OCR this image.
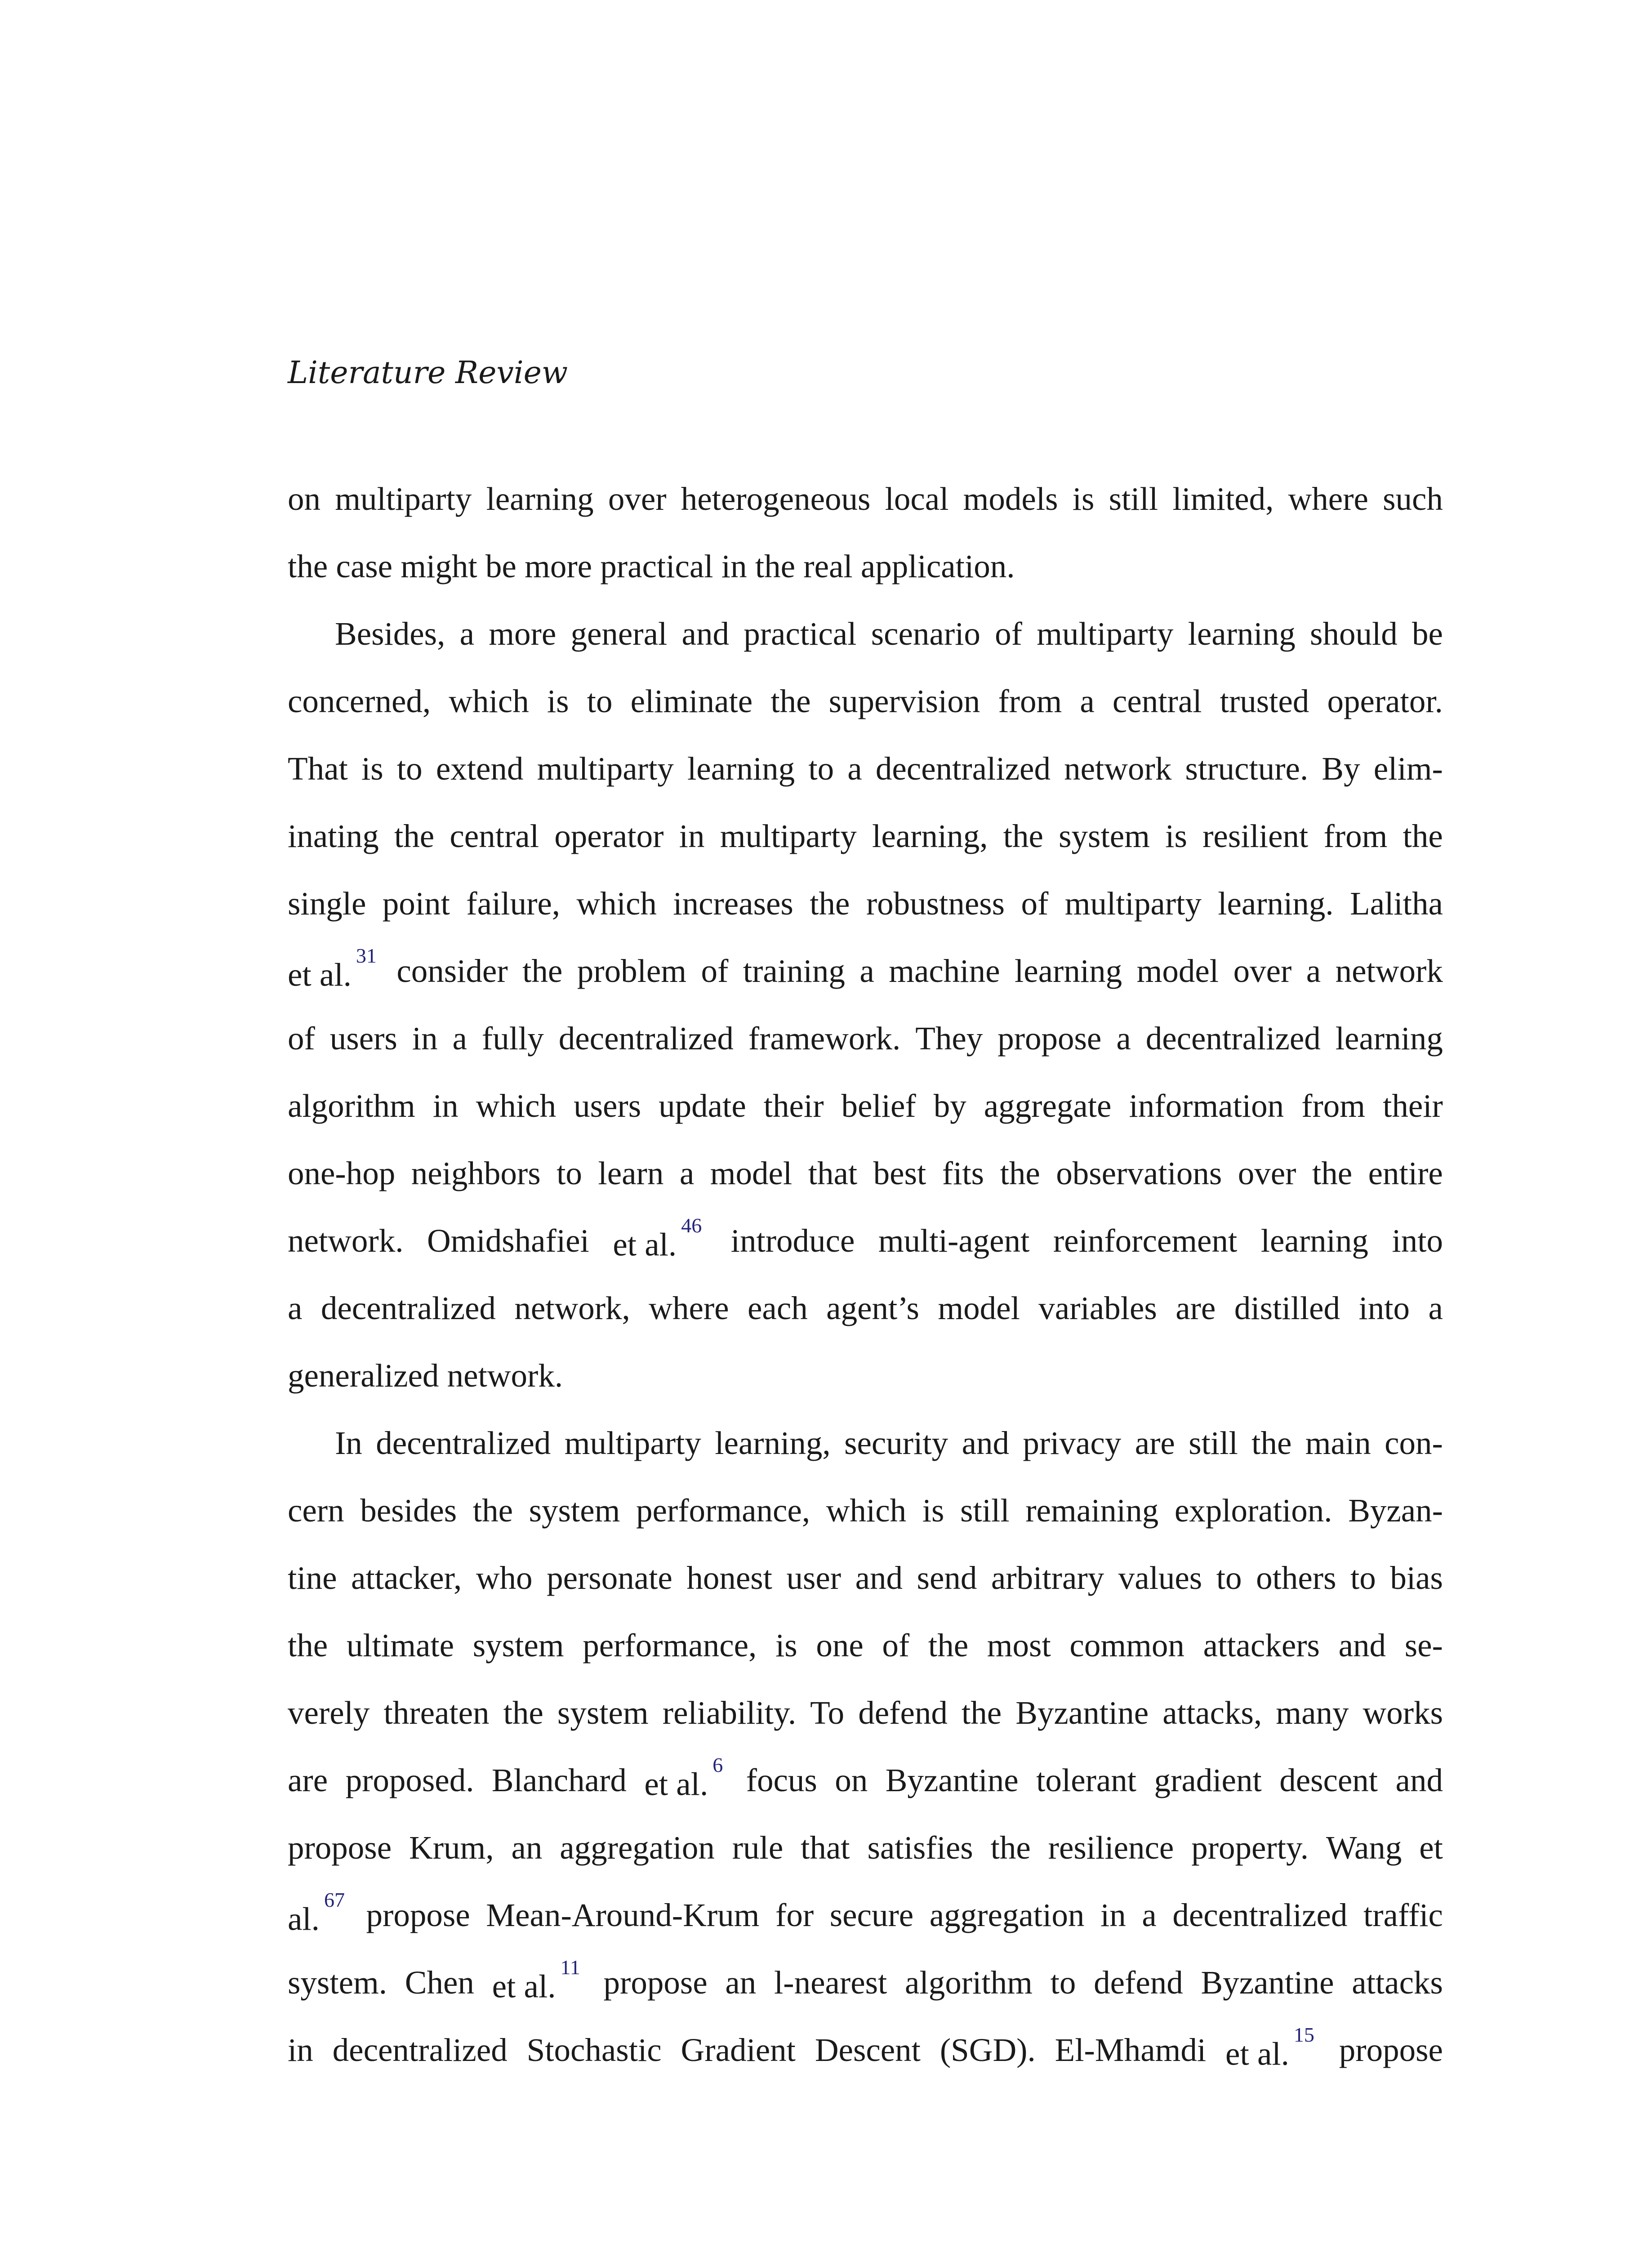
Literature Review
on multiparty learning over heterogeneous local models is still limited, where such
the case might be more practical in the real application.
Besides, a more general and practical scenario of multiparty learning should be
concerned, which is to eliminate the supervision from a central trusted operator.
That is to extend multiparty learning to a decentralized network structure. By elim-
inating the central operator in multiparty learning, the system is resilient from the
single point failure, which increases the robustness of multiparty learning. Lalitha
et al.$^{31}$ consider the problem of training a machine learning model over a network
of users in a fully decentralized framework. They propose a decentralized learning
algorithm in which users update their belief by aggregate information from their
one-hop neighbors to learn a model that best fits the observations over the entire
network. Omidshafiei et al.$^{46}$ introduce multi-agent reinforcement learning into
a decentralized network, where each agent’s model variables are distilled into a
generalized network.
In decentralized multiparty learning, security and privacy are still the main con-
cern besides the system performance, which is still remaining exploration. Byzan-
tine attacker, who personate honest user and send arbitrary values to others to bias
the ultimate system performance, is one of the most common attackers and se-
verely threaten the system reliability. To defend the Byzantine attacks, many works
are proposed. Blanchard et al.$^6$ focus on Byzantine tolerant gradient descent and
propose Krum, an aggregation rule that satisfies the resilience property. Wang et
al.$^{67}$ propose Mean-Around-Krum for secure aggregation in a decentralized traffic
system. Chen et al.$^{11}$ propose an l-nearest algorithm to defend Byzantine attacks
in decentralized Stochastic Gradient Descent (SGD). El-Mhamdi et al.$^{15}$ propose
